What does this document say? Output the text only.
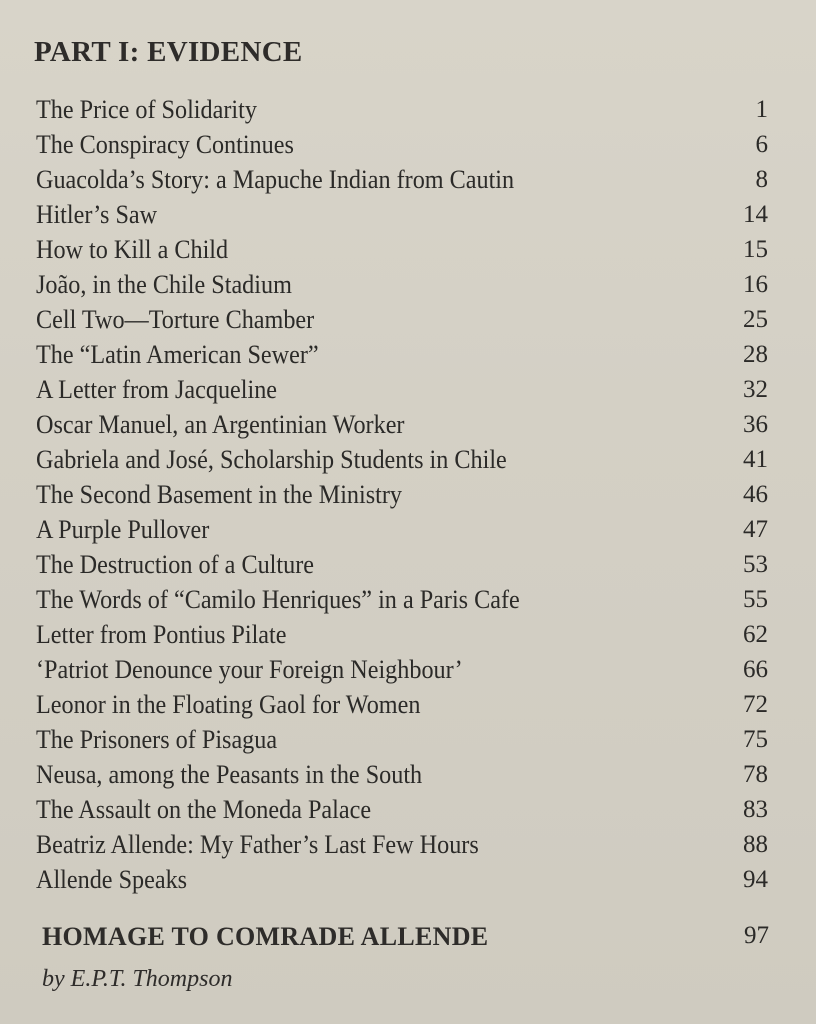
PART I: EVIDENCE
The Price of Solidarity	1
The Conspiracy Continues	6
Guacolda’s Story: a Mapuche Indian from Cautin	8
Hitler’s Saw	14
How to Kill a Child	15
João, in the Chile Stadium	16
Cell Two—Torture Chamber	25
The “Latin American Sewer”	28
A Letter from Jacqueline	32
Oscar Manuel, an Argentinian Worker	36
Gabriela and José, Scholarship Students in Chile	41
The Second Basement in the Ministry	46
A Purple Pullover	47
The Destruction of a Culture	53
The Words of “Camilo Henriques” in a Paris Cafe	55
Letter from Pontius Pilate	62
‘Patriot Denounce your Foreign Neighbour’	66
Leonor in the Floating Gaol for Women	72
The Prisoners of Pisagua	75
Neusa, among the Peasants in the South	78
The Assault on the Moneda Palace	83
Beatriz Allende: My Father’s Last Few Hours	88
Allende Speaks	94
HOMAGE TO COMRADE ALLENDE	97
by E.P.T. Thompson
